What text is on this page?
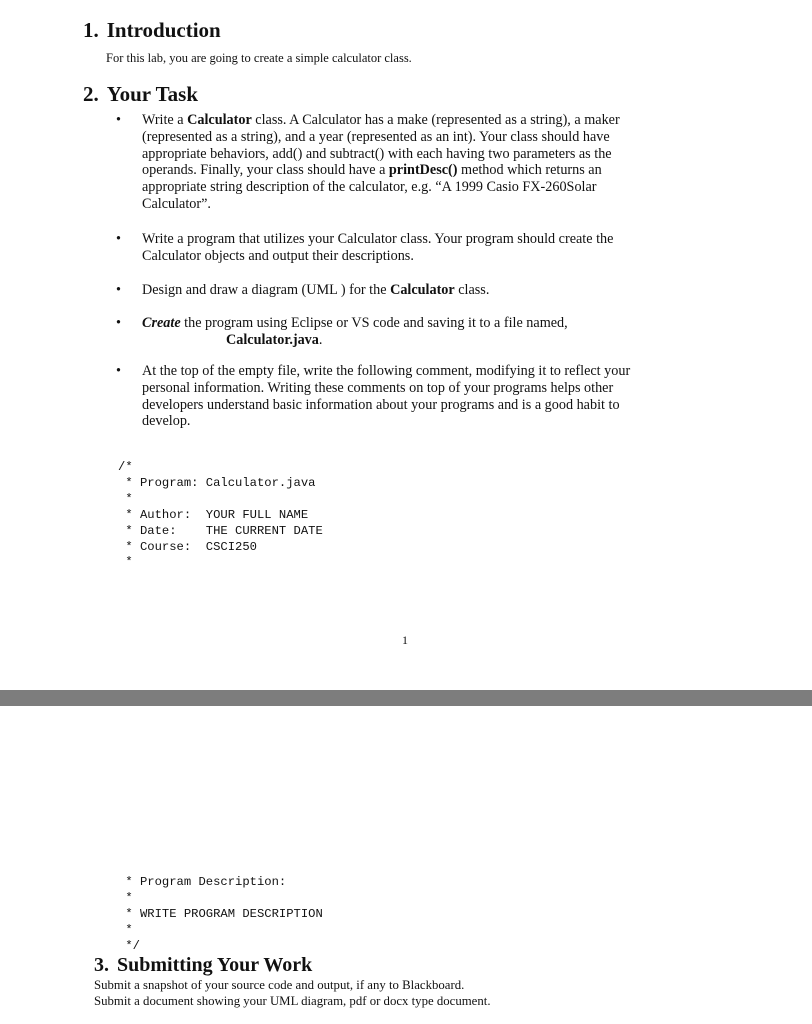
1. Introduction

For this lab, you are going to create a simple calculator class.

2. Your Task
•	Write a Calculator class. A Calculator has a make (represented as a string), a maker (represented as a string), and a year (represented as an int). Your class should have appropriate behaviors, add() and subtract() with each having two parameters as the operands. Finally, your class should have a printDesc() method which returns an appropriate string description of the calculator, e.g. “A 1999 Casio FX-260Solar Calculator”.
•	Write a program that utilizes your Calculator class. Your program should create the Calculator objects and output their descriptions.
•	Design and draw a diagram (UML ) for the Calculator class.
•	Create the program using Eclipse or VS code and saving it to a file named,
Calculator.java.
•	At the top of the empty file, write the following comment, modifying it to reflect your personal information. Writing these comments on top of your programs helps other developers understand basic information about your programs and is a good habit to develop.
/*
* Program: Calculator.java
*
* Author:  YOUR FULL NAME
* Date:    THE CURRENT DATE
* Course:  CSCI250
*
1
* Program Description:
*
* WRITE PROGRAM DESCRIPTION
*
*/
3. Submitting Your Work

Submit a snapshot of your source code and output, if any to Blackboard.

Submit a document showing your UML diagram, pdf or docx type document.
